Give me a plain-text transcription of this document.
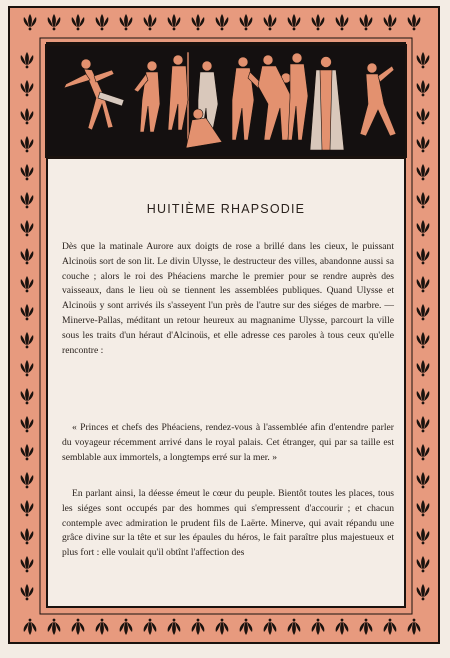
HUITIÈME RHAPSODIE
Dès que la matinale Aurore aux doigts de rose a brillé dans les cieux, le puissant Alcinoüs sort de son lit. Le divin Ulysse, le destructeur des villes, abandonne aussi sa couche ; alors le roi des Phéaciens marche le premier pour se rendre auprès des vaisseaux, dans le lieu où se tiennent les assemblées publiques. Quand Ulysse et Alcinoüs y sont arrivés ils s'asseyent l'un près de l'autre sur des siéges de marbre. — Minerve-Pallas, méditant un retour heureux au magnanime Ulysse, parcourt la ville sous les traits d'un héraut d'Alcinoüs, et elle adresse ces paroles à tous ceux qu'elle rencontre :
« Princes et chefs des Phéaciens, rendez-vous à l'assemblée afin d'entendre parler du voyageur récemment arrivé dans le royal palais. Cet étranger, qui par sa taille est semblable aux immortels, a longtemps erré sur la mer. »
En parlant ainsi, la déesse émeut le cœur du peuple. Bientôt toutes les places, tous les siéges sont occupés par des hommes qui s'empressent d'accourir ; et chacun contemple avec admiration le prudent fils de Laërte. Minerve, qui avait répandu une grâce divine sur la tête et sur les épaules du héros, le fait paraître plus majestueux et plus fort : elle voulait qu'il obtînt l'affection des
